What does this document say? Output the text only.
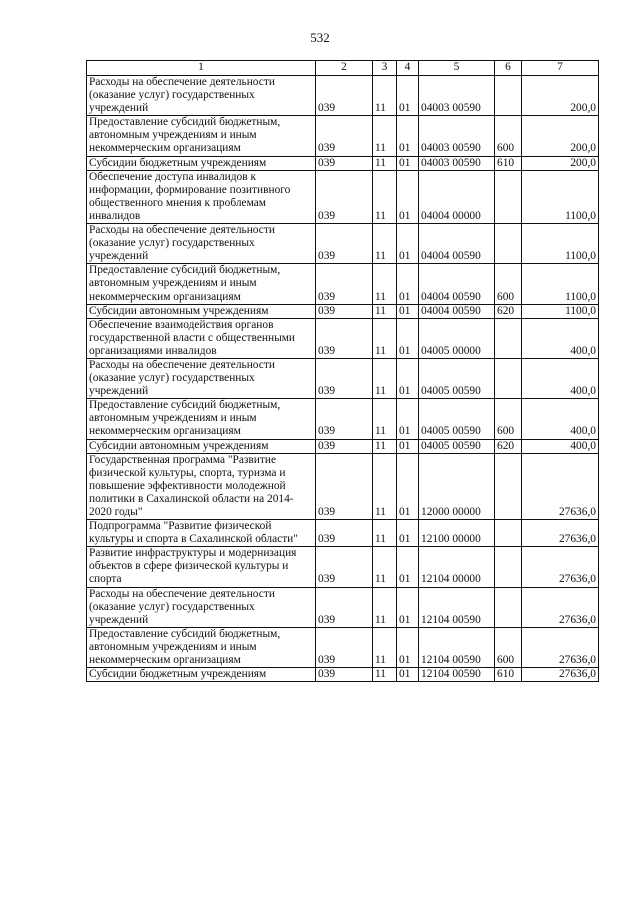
532
1	2	3	4	5	6	7
Расходы на обеспечение деятельности (оказание услуг) государственных учреждений	039	11	01	04003 00590		200,0
Предоставление субсидий бюджетным, автономным учреждениям и иным некоммерческим организациям	039	11	01	04003 00590	600	200,0
Субсидии бюджетным учреждениям	039	11	01	04003 00590	610	200,0
Обеспечение доступа инвалидов к информации, формирование позитивного общественного мнения к проблемам инвалидов	039	11	01	04004 00000		1100,0
Расходы на обеспечение деятельности (оказание услуг) государственных учреждений	039	11	01	04004 00590		1100,0
Предоставление субсидий бюджетным, автономным учреждениям и иным некоммерческим организациям	039	11	01	04004 00590	600	1100,0
Субсидии автономным учреждениям	039	11	01	04004 00590	620	1100,0
Обеспечение взаимодействия органов государственной власти с общественными организациями инвалидов	039	11	01	04005 00000		400,0
Расходы на обеспечение деятельности (оказание услуг) государственных учреждений	039	11	01	04005 00590		400,0
Предоставление субсидий бюджетным, автономным учреждениям и иным некоммерческим организациям	039	11	01	04005 00590	600	400,0
Субсидии автономным учреждениям	039	11	01	04005 00590	620	400,0
Государственная программа "Развитие физической культуры, спорта, туризма и повышение эффективности молодежной политики в Сахалинской области на 2014-2020 годы"	039	11	01	12000 00000		27636,0
Подпрограмма "Развитие физической культуры и спорта в Сахалинской области"	039	11	01	12100 00000		27636,0
Развитие инфраструктуры и модернизация объектов в сфере физической культуры и спорта	039	11	01	12104 00000		27636,0
Расходы на обеспечение деятельности (оказание услуг) государственных учреждений	039	11	01	12104 00590		27636,0
Предоставление субсидий бюджетным, автономным учреждениям и иным некоммерческим организациям	039	11	01	12104 00590	600	27636,0
Субсидии бюджетным учреждениям	039	11	01	12104 00590	610	27636,0
